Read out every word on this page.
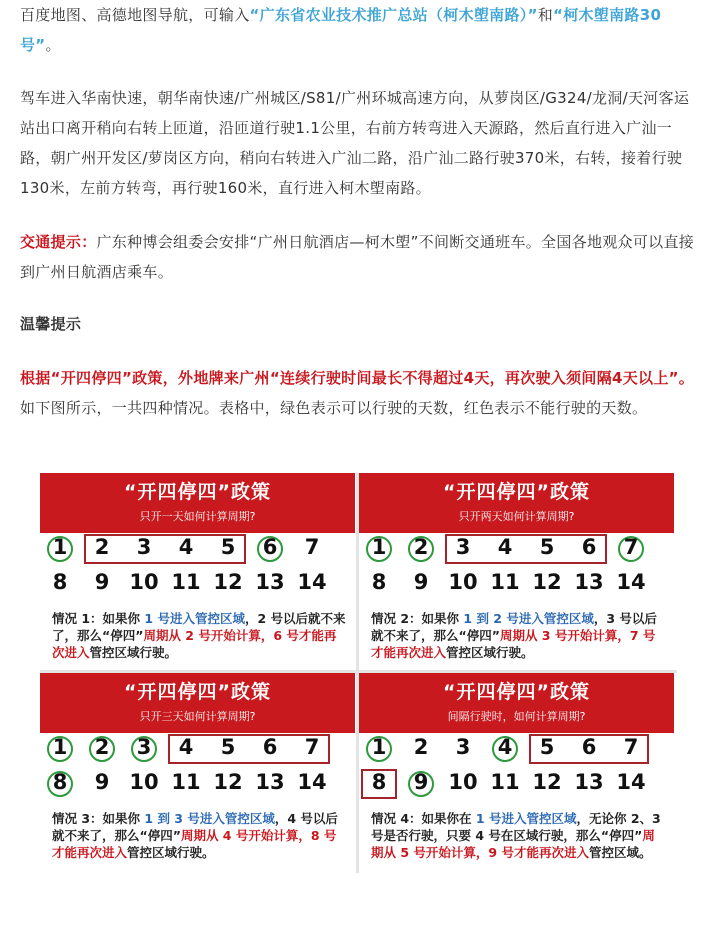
百度地图、高德地图导航，可输入“广东省农业技术推广总站（柯木塱南路）”和“柯木塱南路30号”。
驾车进入华南快速，朝华南快速/广州城区/S81/广州环城高速方向，从萝岗区/G324/龙洞/天河客运站出口离开稍向右转上匝道，沿匝道行驶1.1公里，右前方转弯进入天源路，然后直行进入广汕一路，朝广州开发区/萝岗区方向，稍向右转进入广汕二路，沿广汕二路行驶370米，右转，接着行驶130米，左前方转弯，再行驶160米，直行进入柯木塱南路。
交通提示：广东种博会组委会安排“广州日航酒店—柯木塱”不间断交通班车。全国各地观众可以直接到广州日航酒店乘车。
温馨提示
根据“开四停四”政策，外地牌来广州“连续行驶时间最长不得超过4天，再次驶入须间隔4天以上”。如下图所示，一共四种情况。表格中，绿色表示可以行驶的天数，红色表示不能行驶的天数。
“开四停四”政策
只开一天如何计算周期?
1	2	3	4	5	6	7
8	9 10 11 12 13 14
情况 1：如果你 1 号进入管控区域，2 号以后就不来了，那么“停四”周期从 2 号开始计算，6 号才能再次进入管控区域行驶。
“开四停四”政策
只开两天如何计算周期?
1	2	3	4	5	6	7
8	9 10 11 12 13 14
情况 2：如果你 1 到 2 号进入管控区域，3 号以后就不来了，那么“停四”周期从 3 号开始计算，7 号才能再次进入管控区域行驶。
“开四停四”政策
只开三天如何计算周期?
1	2	3	4	5	6	7
8	9 10 11 12 13 14
情况 3：如果你 1 到 3 号进入管控区域，4 号以后就不来了，那么“停四”周期从 4 号开始计算，8 号才能再次进入管控区域行驶。
“开四停四”政策
间隔行驶时，如何计算周期?
1	2	3	4	5	6	7
8	9 10 11 12 13 14
情况 4：如果你在 1 号进入管控区域，无论你 2、3 号是否行驶，只要 4 号在区域行驶，那么“停四”周期从 5 号开始计算，9 号才能再次进入管控区域。
